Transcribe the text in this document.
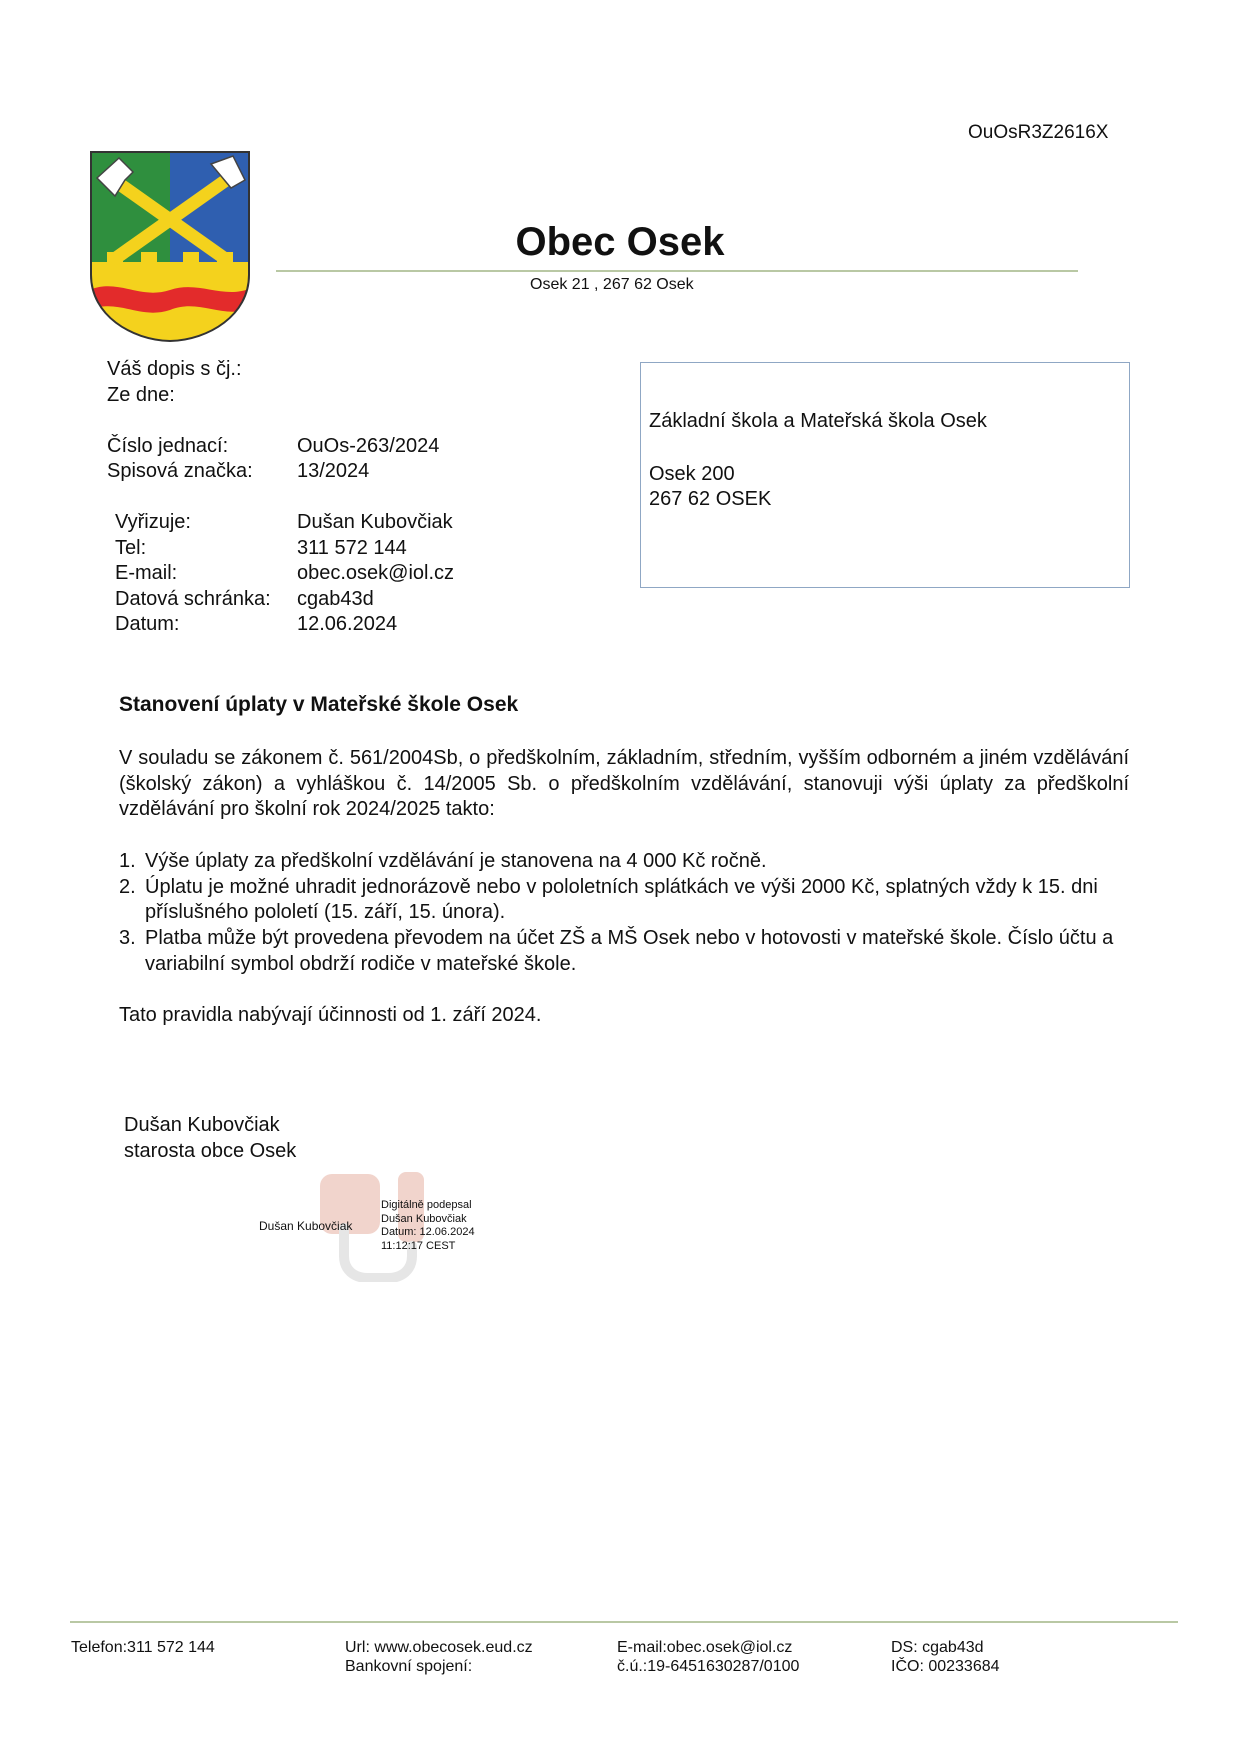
OuOsR3Z2616X
Obec Osek
Osek 21 , 267 62 Osek
Váš dopis s čj.:
Ze dne:
Číslo jednací:	OuOs-263/2024
Spisová značka: 13/2024
Vyřizuje:	Dušan Kubovčiak
Tel:	311 572 144
E-mail:	obec.osek@iol.cz
Datová schránka: cgab43d
Datum:	12.06.2024
Základní škola a Mateřská škola Osek
Osek 200
267 62 OSEK
Stanovení úplaty v Mateřské škole Osek

V souladu se zákonem č. 561/2004Sb, o předškolním, základním, středním, vyšším odborném a jiném vzdělávání (školský zákon) a vyhláškou č. 14/2005 Sb. o předškolním vzdělávání, stanovuji výši úplaty za předškolní vzdělávání pro školní rok 2024/2025 takto:

1. Výše úplaty za předškolní vzdělávání je stanovena na 4 000 Kč ročně.
2. Úplatu je možné uhradit jednorázově nebo v pololetních splátkách ve výši 2000 Kč, splatných vždy k 15. dni příslušného pololetí (15. září, 15. února).
3. Platba může být provedena převodem na účet ZŠ a MŠ Osek nebo v hotovosti v mateřské škole. Číslo účtu a variabilní symbol obdrží rodiče v mateřské škole.
Tato pravidla nabývají účinnosti od 1. září 2024.
Dušan Kubovčiak
starosta obce Osek
Dušan Kubovčiak
Digitálně podepsal
Dušan Kubovčiak
Datum: 12.06.2024
11:12:17 CEST
Telefon:311 572 144	Url: www.obecosek.eud.cz
Bankovní spojení:
E-mail:obec.osek@iol.cz
č.ú.:19-6451630287/0100
DS: cgab43d
IČO: 00233684
